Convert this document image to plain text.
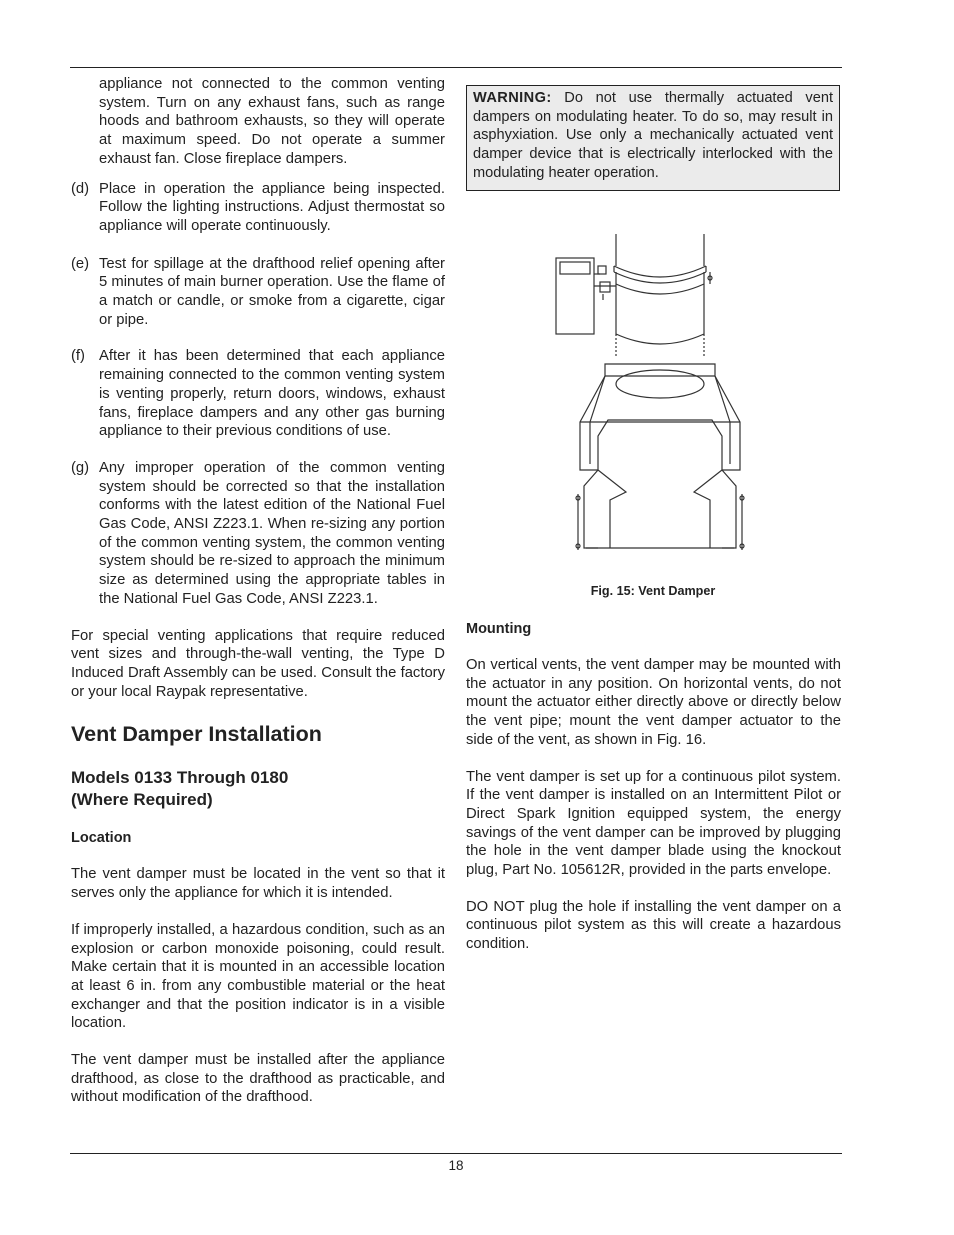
appliance not connected to the common venting system. Turn on any exhaust fans, such as range hoods and bathroom exhausts, so they will operate at maximum speed. Do not operate a summer exhaust fan. Close fireplace dampers.

(d) Place in operation the appliance being inspected. Follow the lighting instructions. Adjust thermostat so appliance will operate continuously.
(e) Test for spillage at the drafthood relief opening after 5 minutes of main burner operation. Use the flame of a match or candle, or smoke from a cigarette, cigar or pipe.
(f) After it has been determined that each appliance remaining connected to the common venting system is venting properly, return doors, windows, exhaust fans, fireplace dampers and any other gas burning appliance to their previous conditions of use.
(g) Any improper operation of the common venting system should be corrected so that the installation conforms with the latest edition of the National Fuel Gas Code, ANSI Z223.1. When re-sizing any portion of the common venting system, the common venting system should be re-sized to approach the minimum size as determined using the appropriate tables in the National Fuel Gas Code, ANSI Z223.1.

For special venting applications that require reduced vent sizes and through-the-wall venting, the Type D Induced Draft Assembly can be used. Consult the factory or your local Raypak representative.

Vent Damper Installation
Models 0133 Through 0180
(Where Required)
Location

The vent damper must be located in the vent so that it serves only the appliance for which it is intended.

If improperly installed, a hazardous condition, such as an explosion or carbon monoxide poisoning, could result. Make certain that it is mounted in an accessible location at least 6 in. from any combustible material or the heat exchanger and that the position indicator is in a visible location.

The vent damper must be installed after the appliance drafthood, as close to the drafthood as practicable, and without modification of the drafthood.

WARNING: Do not use thermally actuated vent dampers on modulating heater. To do so, may result in asphyxiation. Use only a mechanically actuated vent damper device that is electrically interlocked with the modulating heater operation.
Fig. 15: Vent Damper
Mounting

On vertical vents, the vent damper may be mounted with the actuator in any position. On horizontal vents, do not mount the actuator either directly above or directly below the vent pipe; mount the vent damper actuator to the side of the vent, as shown in Fig. 16.

The vent damper is set up for a continuous pilot system. If the vent damper is installed on an Intermittent Pilot or Direct Spark Ignition equipped system, the energy savings of the vent damper can be improved by plugging the hole in the vent damper blade using the knockout plug, Part No. 105612R, provided in the parts envelope.

DO NOT plug the hole if installing the vent damper on a continuous pilot system as this will create a hazardous condition.

18
